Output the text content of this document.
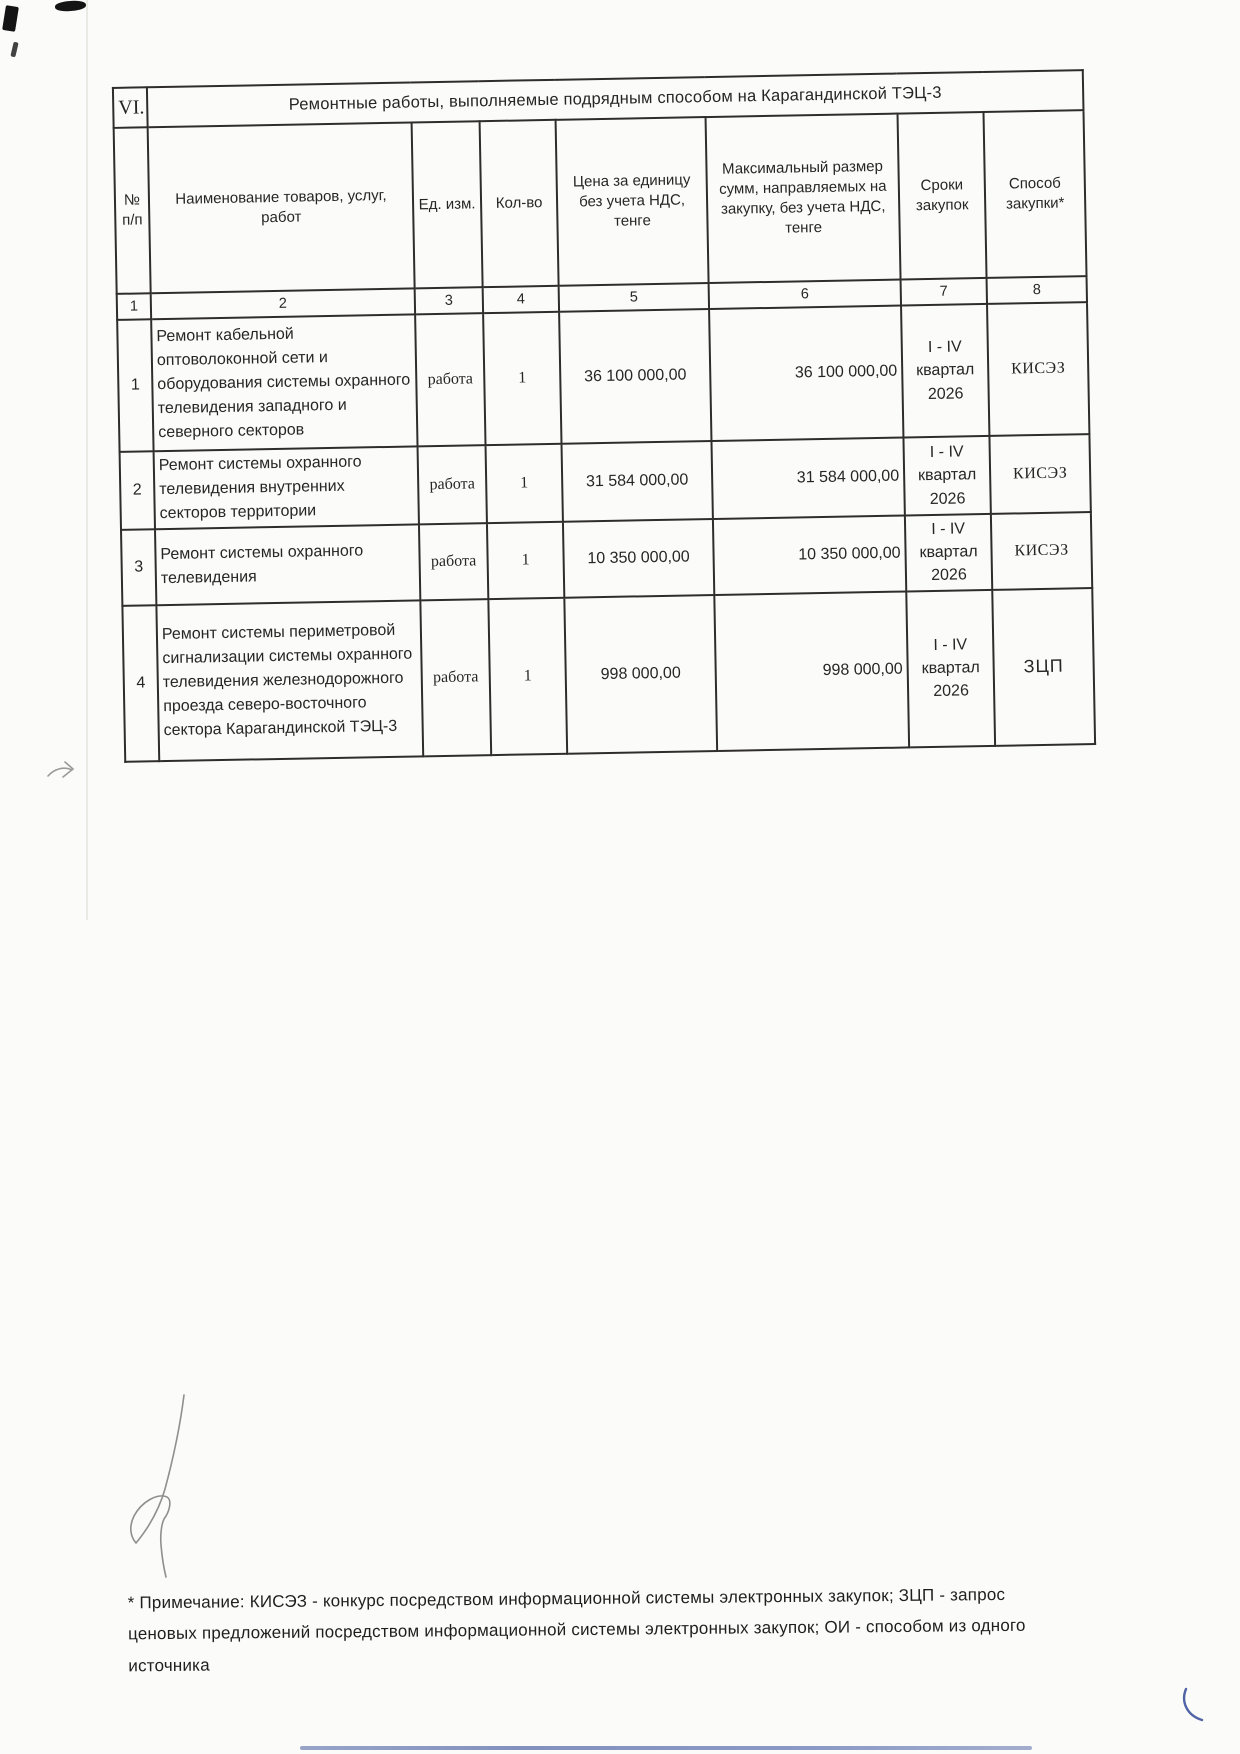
VI.	Ремонтные работы, выполняемые подрядным способом на Карагандинской ТЭЦ-3						
№ п/п	Наименование товаров, услуг, работ	Ед. изм.	Кол-во	Цена за единицу без учета НДС, тенге	Максимальный размер сумм, направляемых на закупку, без учета НДС, тенге	Сроки закупок	Способ закупки*
1	2	3	4	5	6	7	8
1	Ремонт кабельной оптоволоконной сети и оборудования системы охранного телевидения западного и северного секторов	работа	1	36 100 000,00	36 100 000,00	I - IV квартал 2026	КИСЭЗ
2	Ремонт системы охранного телевидения внутренних секторов территории	работа	1	31 584 000,00	31 584 000,00	I - IV квартал 2026	КИСЭЗ
3	Ремонт системы охранного телевидения	работа	1	10 350 000,00	10 350 000,00	I - IV квартал 2026	КИСЭЗ
4	Ремонт системы периметровой сигнализации системы охранного телевидения железнодорожного проезда северо-восточного сектора Карагандинской ТЭЦ-3	работа	1	998 000,00	998 000,00	I - IV квартал 2026	ЗЦП
* Примечание: КИСЭЗ - конкурс посредством информационной системы электронных закупок; ЗЦП - запрос ценовых предложений посредством информационной системы электронных закупок; ОИ - способом из одного источника
